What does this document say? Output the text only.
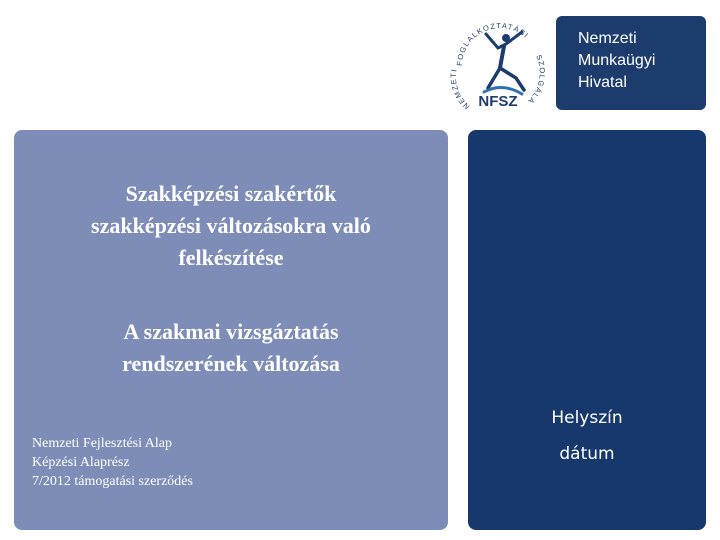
FOGLALKOZTATÁSI
NEMZETI
SZOLGÁLA
NFSZ
Nemzeti
Munkaügyi
Hivatal
Szakképzési szakértők
szakképzési változásokra való
felkészítése
A szakmai vizsgáztatás
rendszerének változása
Nemzeti Fejlesztési Alap
Képzési Alaprész
7/2012 támogatási szerződés
Helyszín
dátum
